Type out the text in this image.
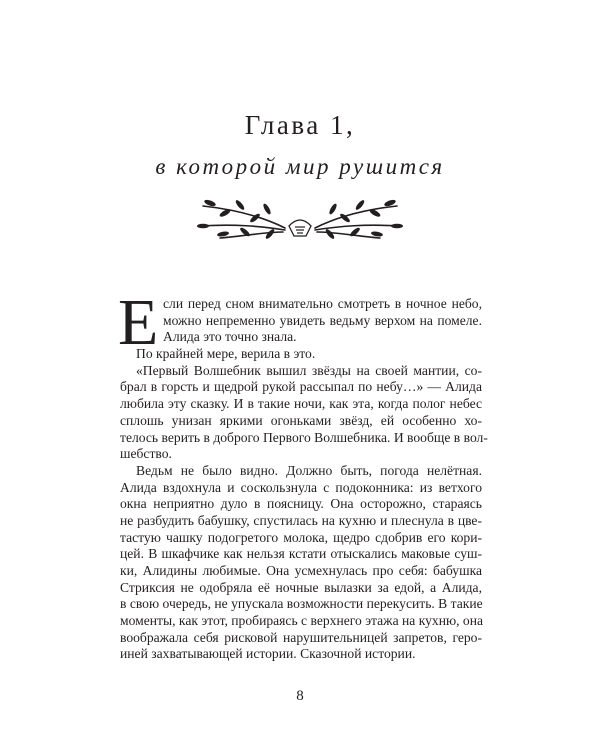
Глава 1,
в которой мир рушится
Е сли перед сном внимательно смотреть в ночное небо,
можно непременно увидеть ведьму верхом на помеле.
Алида это точно знала.
По крайней мере, верила в это.
«Первый Волшебник вышил звёзды на своей мантии, со-
брал в горсть и щедрой рукой рассыпал по небу…» — Алида
любила эту сказку. И в такие ночи, как эта, когда полог небес
сплошь унизан яркими огоньками звёзд, ей особенно хо-
телось верить в доброго Первого Волшебника. И вообще в вол-
шебство.
Ведьм не было видно. Должно быть, погода нелётная.
Алида вздохнула и соскользнула с подоконника: из ветхого
окна неприятно дуло в поясницу. Она осторожно, стараясь
не разбудить бабушку, спустилась на кухню и плеснула в цве-
тастую чашку подогретого молока, щедро сдобрив его кори-
цей. В шкафчике как нельзя кстати отыскались маковые суш-
ки, Алидины любимые. Она усмехнулась про себя: бабушка
Стриксия не одобряла её ночные вылазки за едой, а Алида,
в свою очередь, не упускала возможности перекусить. В такие
моменты, как этот, пробираясь с верхнего этажа на кухню, она
воображала себя рисковой нарушительницей запретов, геро-
иней захватывающей истории. Сказочной истории.
8
